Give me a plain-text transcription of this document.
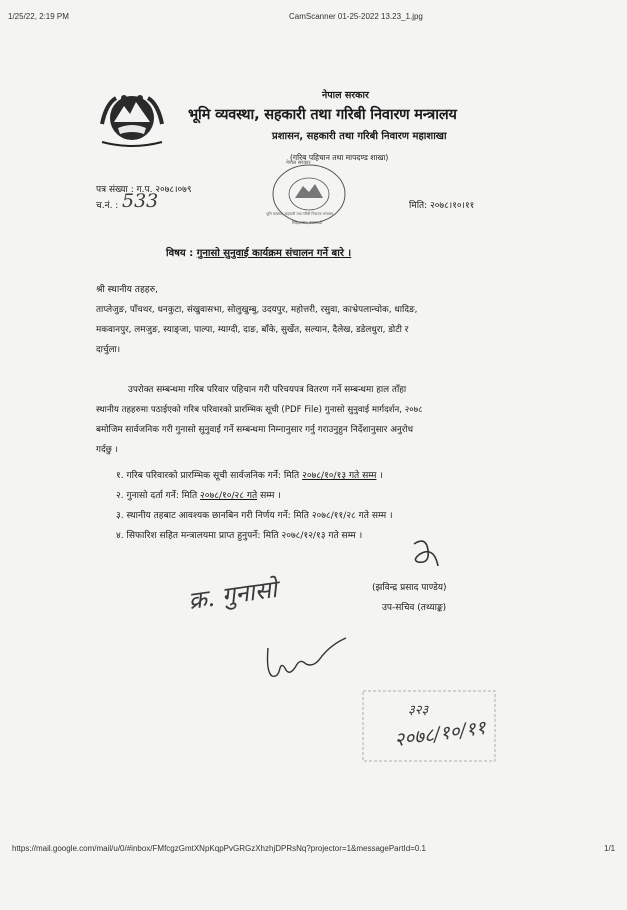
1/25/22, 2:19 PM	CamScanner 01-25-2022 13.23_1.jpg
नेपाल सरकार
भूमि व्यवस्था, सहकारी तथा गरिबी निवारण मन्त्रालय
प्रशासन, सहकारी तथा गरिबी निवारण महाशाखा
(गरिब पहिचान तथा मापदण्ड शाखा)
पत्र संख्या : ग.प. २०७८।०७९
च.नं. : 533	मिति: २०७८।१०।११
नेपाल सरकार
भूमि व्यवस्था, सहकारी तथा गरिबी निवारण मन्त्रालय
सिंहदरबार, काठमाडौं
विषय : गुनासो सुनुवाई कार्यक्रम संचालन गर्ने बारे ।
श्री स्थानीय तहहरु,
ताप्लेजुङ, पाँचथर, धनकुटा, संखुवासभा, सोलुखुम्बु, उदयपुर, महोत्तरी, रसुवा, काभ्रेपलान्चोक, धादिङ,
मकवानपुर, लमजुङ, स्याङ्जा, पाल्पा, म्याग्दी, दाङ, बाँके, सुर्खेत, सल्यान, दैलेख, डडेलधुरा, डोटी र
दार्चुला।
उपरोक्त सम्बन्धमा गरिब परिवार पहिचान गरी परिचयपत्र वितरण गर्ने सम्बन्धमा हाल ताँहा
स्थानीय तहहरुमा पठाईएको गरिब परिवारको प्रारम्भिक सूची (PDF File) गुनासो सुनुवाई मार्गदर्शन, २०७८
बमोजिम सार्वजनिक गरी गुनासो सुनुवाई गर्ने सम्बन्धमा निम्नानुसार गर्नु गराउनुहुन निर्देशानुसार अनुरोध
गर्दछु ।
१. गरिब परिवारको प्रारम्भिक सूची सार्वजनिक गर्ने: मिति २०७८/१०/१३ गते सम्म ।
२. गुनासो दर्ता गर्ने: मिति २०७८/१०/२८ गते सम्म ।
३. स्थानीय तहबाट आवश्यक छानबिन गरी निर्णय गर्ने: मिति २०७८/११/२८ गते सम्म ।
४. सिफारिश सहित मन्त्रालयमा प्राप्त हुनुपर्ने: मिति २०७८/१२/१३ गते सम्म ।
(झविन्द्र प्रसाद पाण्डेय)
उप-सचिव (तथ्याङ्क)
क्र. गुनासो
३२३
२०७८/१०/११
https://mail.google.com/mail/u/0/#inbox/FMfcgzGmtXNpKqpPvGRGzXhzhjDPRsNq?projector=1&messagePartId=0.1	1/1
